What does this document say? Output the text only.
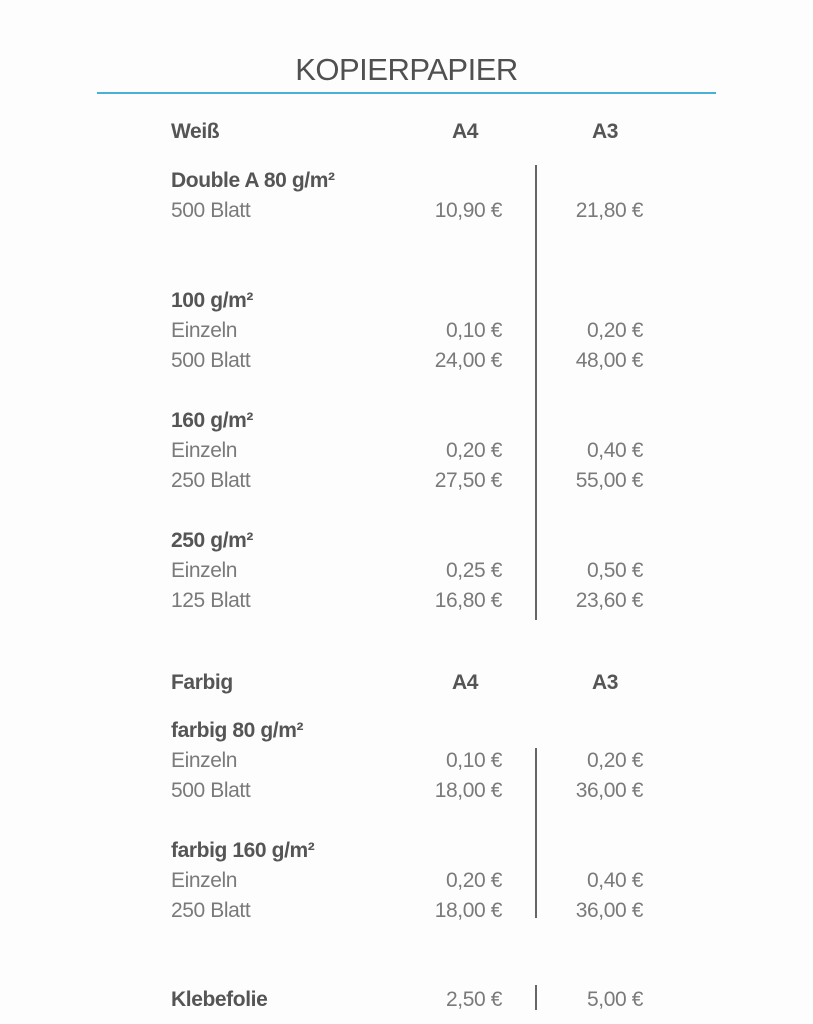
KOPIERPAPIER
Weiß	A4	A3
Double A 80 g/m²
500 Blatt	10,90 €	21,80 €
100 g/m²
Einzeln	0,10 €	0,20 €
500 Blatt	24,00 €	48,00 €
160 g/m²
Einzeln	0,20 €	0,40 €
250 Blatt	27,50 €	55,00 €
250 g/m²
Einzeln	0,25 €	0,50 €
125 Blatt	16,80 €	23,60 €
Farbig	A4	A3
farbig 80 g/m²
Einzeln	0,10 €	0,20 €
500 Blatt	18,00 €	36,00 €
farbig 160 g/m²
Einzeln	0,20 €	0,40 €
250 Blatt	18,00 €	36,00 €
Klebefolie	2,50 €	5,00 €
